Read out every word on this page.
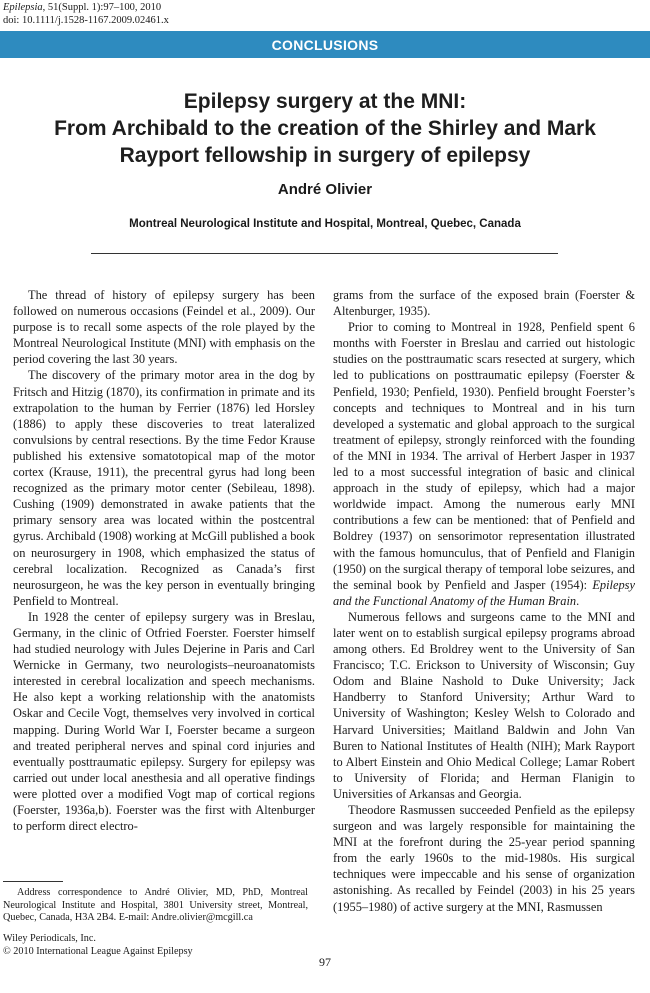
Epilepsia, 51(Suppl. 1):97–100, 2010
doi: 10.1111/j.1528-1167.2009.02461.x
CONCLUSIONS
Epilepsy surgery at the MNI:
From Archibald to the creation of the Shirley and Mark
Rayport fellowship in surgery of epilepsy
André Olivier
Montreal Neurological Institute and Hospital, Montreal, Quebec, Canada

The thread of history of epilepsy surgery has been followed on numerous occasions (Feindel et al., 2009). Our purpose is to recall some aspects of the role played by the Montreal Neurological Institute (MNI) with emphasis on the period covering the last 30 years.

The discovery of the primary motor area in the dog by Fritsch and Hitzig (1870), its confirmation in primate and its extrapolation to the human by Ferrier (1876) led Horsley (1886) to apply these discoveries to treat lateralized convulsions by central resections. By the time Fedor Krause published his extensive somatotopical map of the motor cortex (Krause, 1911), the precentral gyrus had long been recognized as the primary motor center (Sebileau, 1898). Cushing (1909) demonstrated in awake patients that the primary sensory area was located within the postcentral gyrus. Archibald (1908) working at McGill published a book on neurosurgery in 1908, which emphasized the status of cerebral localization. Recognized as Canada’s first neurosurgeon, he was the key person in eventually bringing Penfield to Montreal.

In 1928 the center of epilepsy surgery was in Breslau, Germany, in the clinic of Otfried Foerster. Foerster himself had studied neurology with Jules Dejerine in Paris and Carl Wernicke in Germany, two neurologists–neuroanatomists interested in cerebral localization and speech mechanisms. He also kept a working relationship with the anatomists Oskar and Cecile Vogt, themselves very involved in cortical mapping. During World War I, Foerster became a surgeon and treated peripheral nerves and spinal cord injuries and eventually posttraumatic epilepsy. Surgery for epilepsy was carried out under local anesthesia and all operative findings were plotted over a modified Vogt map of cortical regions (Foerster, 1936a,b). Foerster was the first with Altenburger to perform direct electro-

grams from the surface of the exposed brain (Foerster & Altenburger, 1935).

Prior to coming to Montreal in 1928, Penfield spent 6 months with Foerster in Breslau and carried out histologic studies on the posttraumatic scars resected at surgery, which led to publications on posttraumatic epilepsy (Foerster & Penfield, 1930; Penfield, 1930). Penfield brought Foerster’s concepts and techniques to Montreal and in his turn developed a systematic and global approach to the surgical treatment of epilepsy, strongly reinforced with the founding of the MNI in 1934. The arrival of Herbert Jasper in 1937 led to a most successful integration of basic and clinical approach in the study of epilepsy, which had a major worldwide impact. Among the numerous early MNI contributions a few can be mentioned: that of Penfield and Boldrey (1937) on sensorimotor representation illustrated with the famous homunculus, that of Penfield and Flanigin (1950) on the surgical therapy of temporal lobe seizures, and the seminal book by Penfield and Jasper (1954): Epilepsy and the Functional Anatomy of the Human Brain.

Numerous fellows and surgeons came to the MNI and later went on to establish surgical epilepsy programs abroad among others. Ed Broldrey went to the University of San Francisco; T.C. Erickson to University of Wisconsin; Guy Odom and Blaine Nashold to Duke University; Jack Handberry to Stanford University; Arthur Ward to University of Washington; Kesley Welsh to Colorado and Harvard Universities; Maitland Baldwin and John Van Buren to National Institutes of Health (NIH); Mark Rayport to Albert Einstein and Ohio Medical College; Lamar Robert to University of Florida; and Herman Flanigin to Universities of Arkansas and Georgia.

Theodore Rasmussen succeeded Penfield as the epilepsy surgeon and was largely responsible for maintaining the MNI at the forefront during the 25-year period spanning from the early 1960s to the mid-1980s. His surgical techniques were impeccable and his sense of organization astonishing. As recalled by Feindel (2003) in his 25 years (1955–1980) of active surgery at the MNI, Rasmussen

Address correspondence to André Olivier, MD, PhD, Montreal Neurological Institute and Hospital, 3801 University street, Montreal, Quebec, Canada, H3A 2B4. E-mail: Andre.olivier@mcgill.ca
Wiley Periodicals, Inc.
© 2010 International League Against Epilepsy
97
